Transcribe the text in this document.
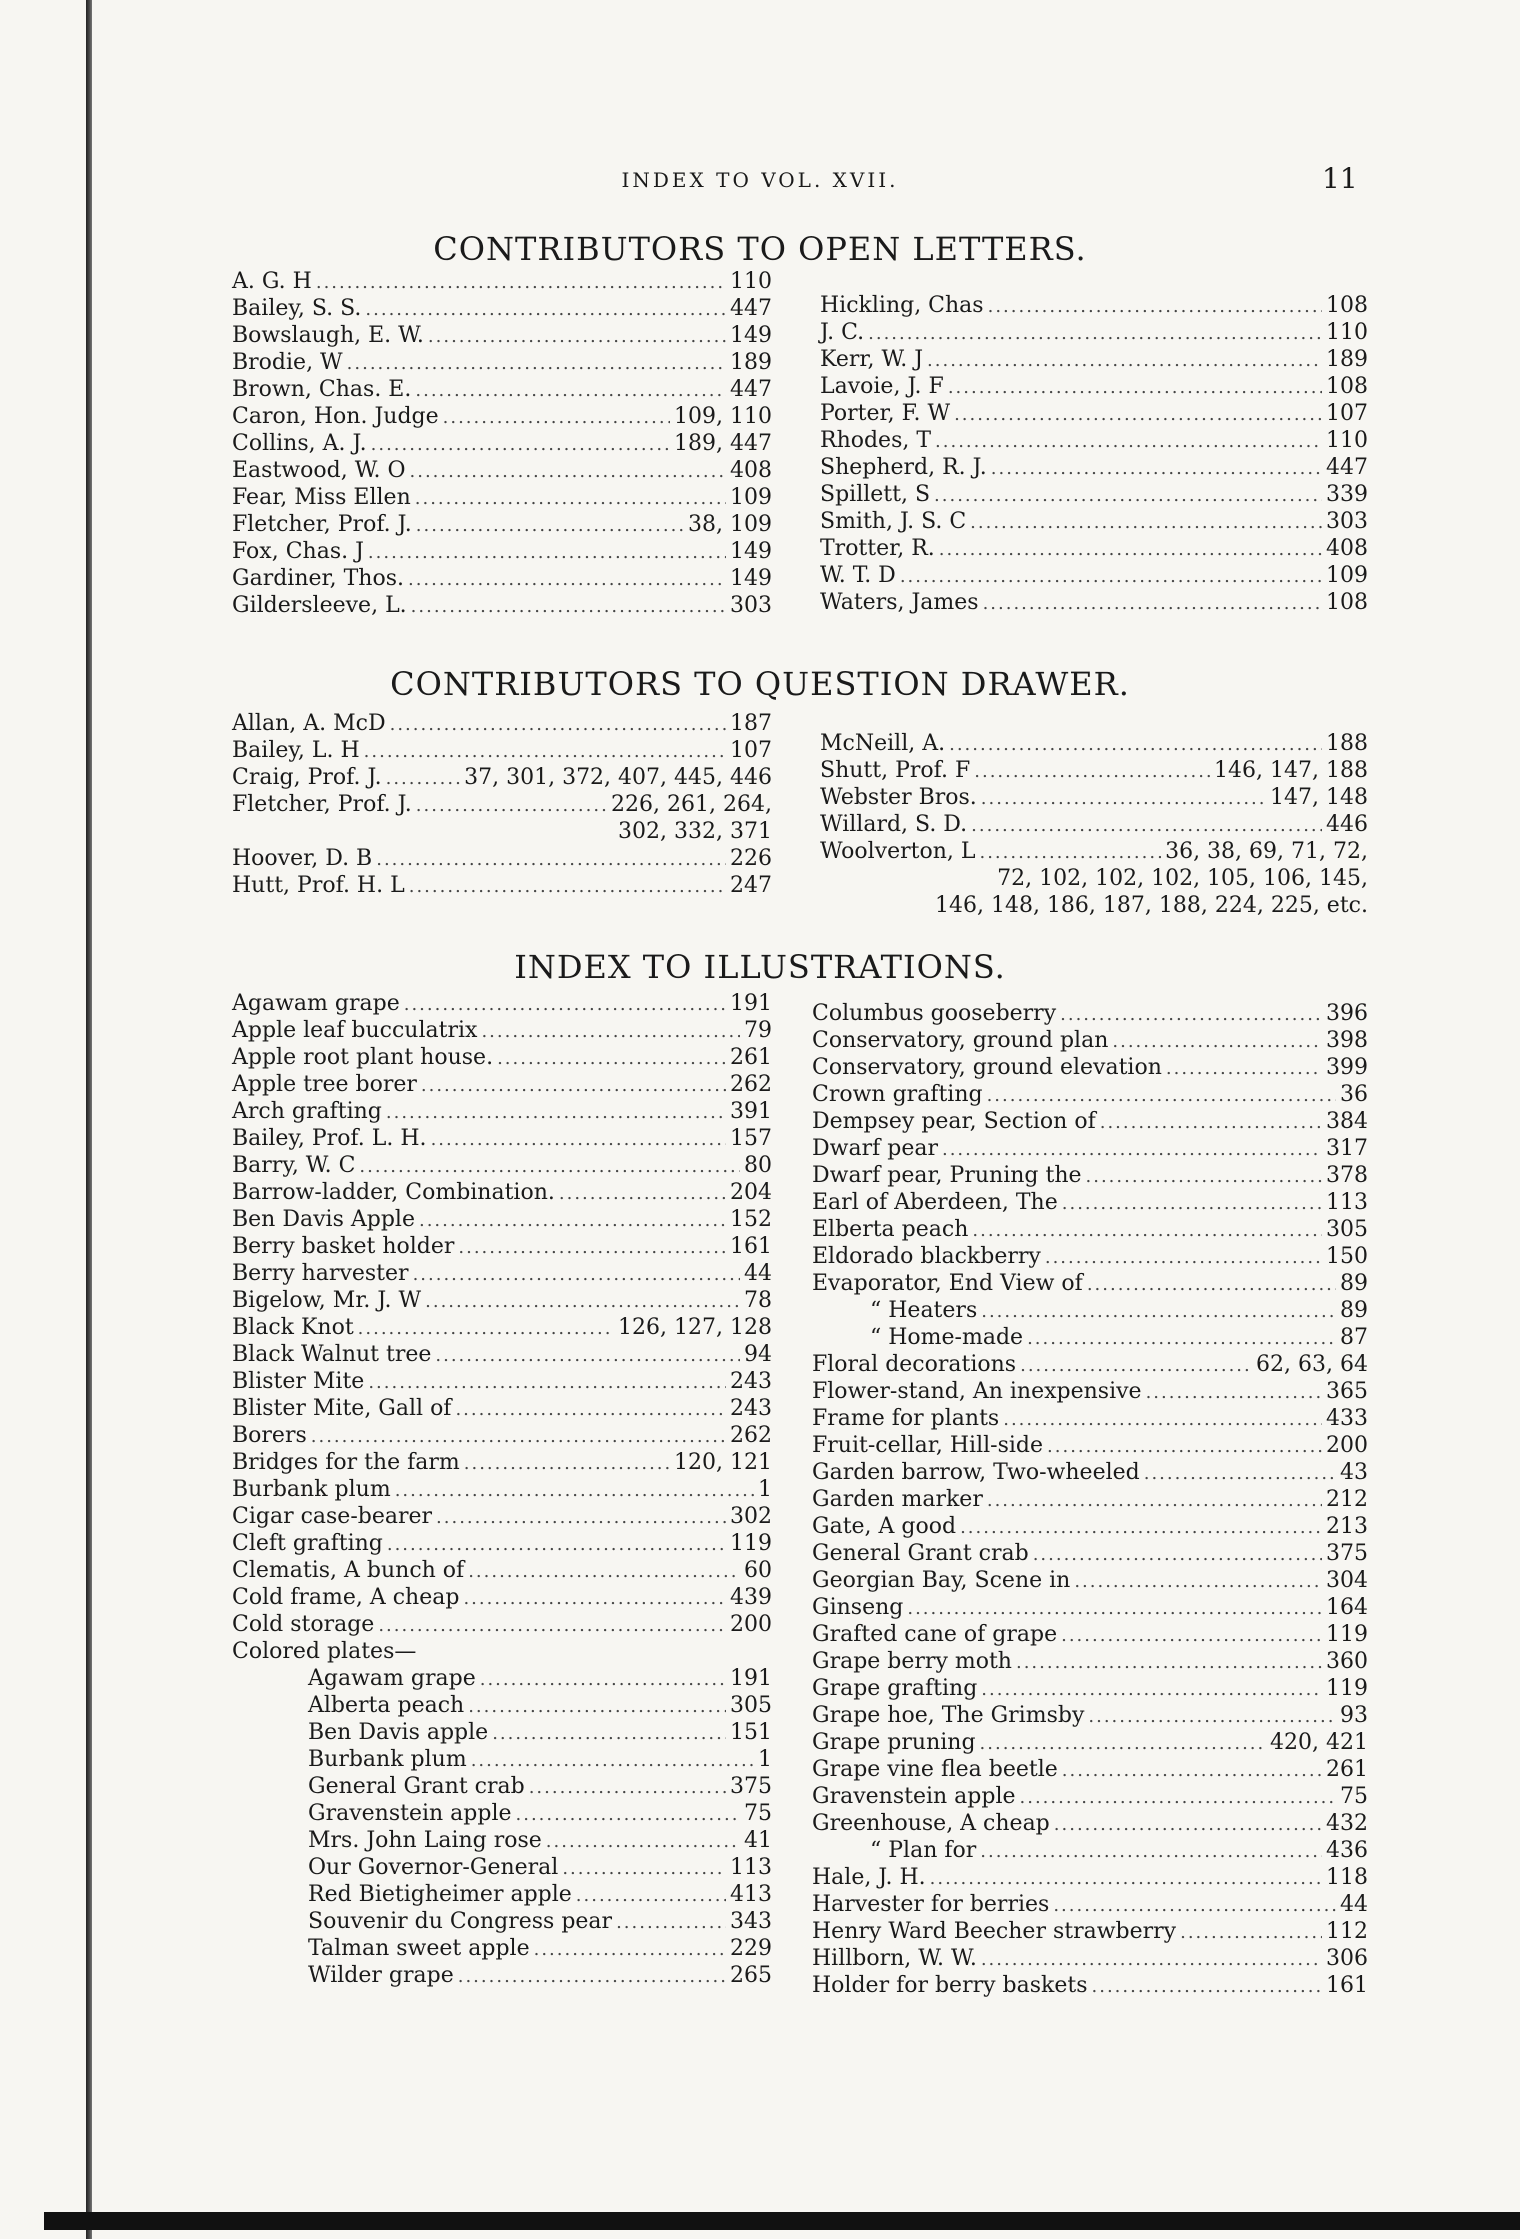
INDEX TO VOL. XVII.	11
CONTRIBUTORS TO OPEN LETTERS.
A. G. H .....	110
Bailey, S. S. .....	447
Bowslaugh, E. W. .....	149
Brodie, W .....	189
Brown, Chas. E. .....	447
Caron, Hon. Judge .....	109, 110
Collins, A. J. .....	189, 447
Eastwood, W. O .....	408
Fear, Miss Ellen .....	109
Fletcher, Prof. J. .....	38, 109
Fox, Chas. J .....	149
Gardiner, Thos. .....	149
Gildersleeve, L. .....	303
Hickling, Chas .....	108
J. C. .....	110
Kerr, W. J .....	189
Lavoie, J. F .....	108
Porter, F. W .....	107
Rhodes, T .....	110
Shepherd, R. J. .....	447
Spillett, S .....	339
Smith, J. S. C .....	303
Trotter, R. .....	408
W. T. D .....	109
Waters, James .....	108
CONTRIBUTORS TO QUESTION DRAWER.
Allan, A. McD .....	187
Bailey, L. H .....	107
Craig, Prof. J. .....	37, 301, 372, 407, 445, 446
Fletcher, Prof. J. .....	226, 261, 264,
302, 332, 371
Hoover, D. B .....	226
Hutt, Prof. H. L .....	247
McNeill, A. .....	188
Shutt, Prof. F .....	146, 147, 188
Webster Bros. .....	147, 148
Willard, S. D. .....	446
Woolverton, L .....	36, 38, 69, 71, 72,
72, 102, 102, 102, 105, 106, 145,
146, 148, 186, 187, 188, 224, 225, etc.
INDEX TO ILLUSTRATIONS.
Agawam grape .....	191
Apple leaf bucculatrix .....	79
Apple root plant house. .....	261
Apple tree borer .....	262
Arch grafting .....	391
Bailey, Prof. L. H. .....	157
Barry, W. C .....	80
Barrow-ladder, Combination. .....	204
Ben Davis Apple .....	152
Berry basket holder .....	161
Berry harvester .....	44
Bigelow, Mr. J. W .....	78
Black Knot .....	126, 127, 128
Black Walnut tree .....	94
Blister Mite .....	243
Blister Mite, Gall of .....	243
Borers .....	262
Bridges for the farm .....	120, 121
Burbank plum .....	1
Cigar case-bearer .....	302
Cleft grafting .....	119
Clematis, A bunch of .....	60
Cold frame, A cheap .....	439
Cold storage .....	200
Colored plates—
Agawam grape .....	191
Alberta peach .....	305
Ben Davis apple .....	151
Burbank plum .....	1
General Grant crab .....	375
Gravenstein apple .....	75
Mrs. John Laing rose .....	41
Our Governor-General .....	113
Red Bietigheimer apple .....	413
Souvenir du Congress pear .....	343
Talman sweet apple .....	229
Wilder grape .....	265
Columbus gooseberry .....	396
Conservatory, ground plan .....	398
Conservatory, ground elevation .....	399
Crown grafting .....	36
Dempsey pear, Section of .....	384
Dwarf pear .....	317
Dwarf pear, Pruning the .....	378
Earl of Aberdeen, The .....	113
Elberta peach .....	305
Eldorado blackberry .....	150
Evaporator, End View of .....	89
“ Heaters .....	89
“ Home-made .....	87
Floral decorations .....	62, 63, 64
Flower-stand, An inexpensive .....	365
Frame for plants .....	433
Fruit-cellar, Hill-side .....	200
Garden barrow, Two-wheeled .....	43
Garden marker .....	212
Gate, A good .....	213
General Grant crab .....	375
Georgian Bay, Scene in .....	304
Ginseng .....	164
Grafted cane of grape .....	119
Grape berry moth .....	360
Grape grafting .....	119
Grape hoe, The Grimsby .....	93
Grape pruning .....	420, 421
Grape vine flea beetle .....	261
Gravenstein apple .....	75
Greenhouse, A cheap .....	432
“ Plan for .....	436
Hale, J. H. .....	118
Harvester for berries .....	44
Henry Ward Beecher strawberry .....	112
Hillborn, W. W. .....	306
Holder for berry baskets .....	161
